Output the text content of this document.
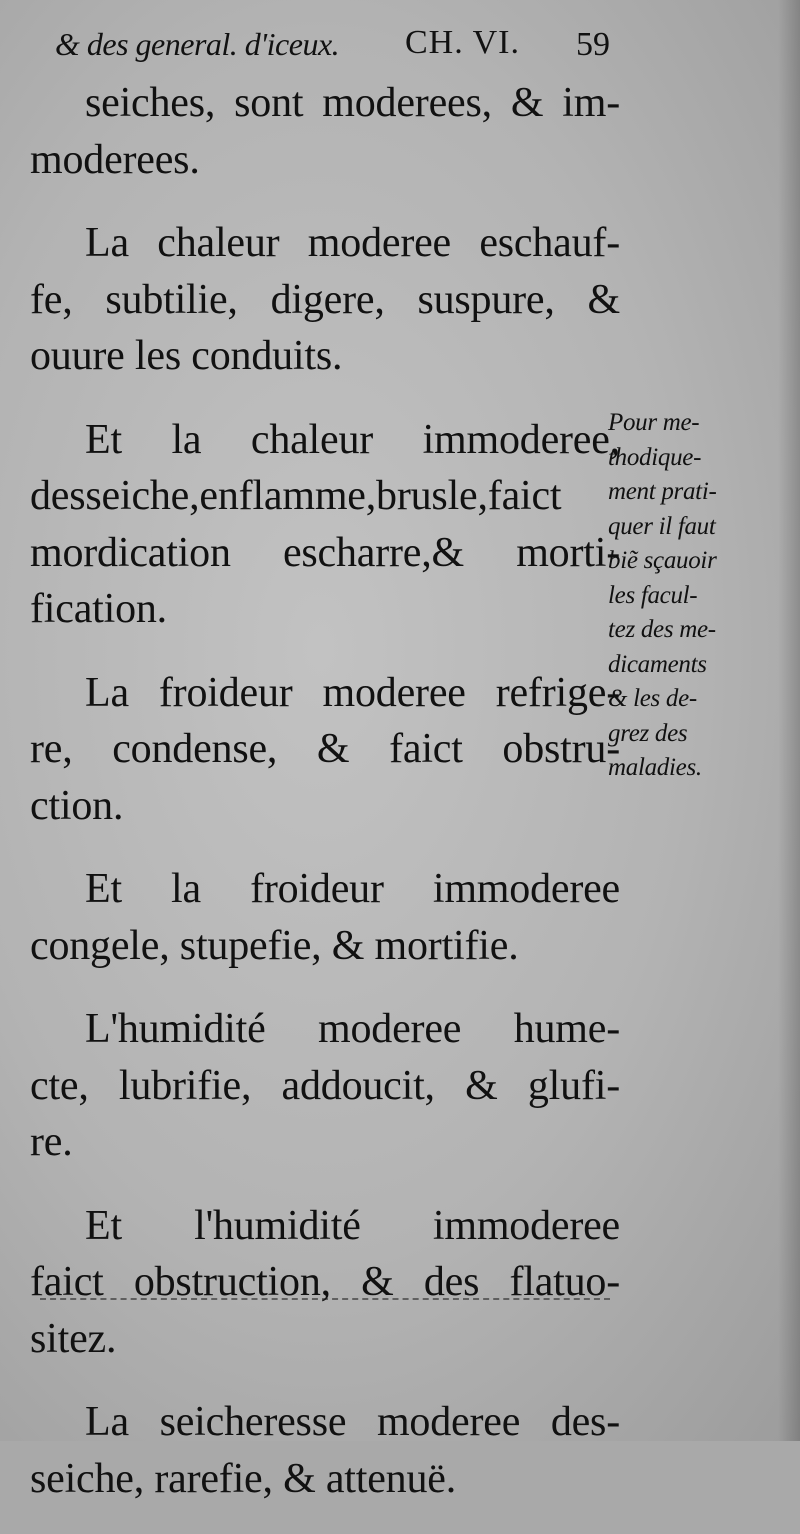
& des general. d'iceux. CH. VI. 59
seiches, sont moderees, & im-
moderees.
La chaleur moderee eschauf-
fe, subtilie, digere, suspure, &
ouure les conduits.
Et la chaleur immoderee,
desseiche,enflamme,brusle,faict
mordication escharre,& morti-
fication.
La froideur moderee refrige-
re, condense, & faict obstru-
ction.
Et la froideur immoderee
congele, stupefie, & mortifie.
L'humidité moderee hume-
cte, lubrifie, addoucit, & glufi-
re.
Et l'humidité immoderee
faict obstruction, & des flatuo-
sitez.
La seicheresse moderee des-
seiche, rarefie, & attenuë.
Pour me-
thodique-
ment prati-
quer il faut
biẽ sçauoir
les facul-
tez des me-
dicaments
& les de-
grez des
maladies.
